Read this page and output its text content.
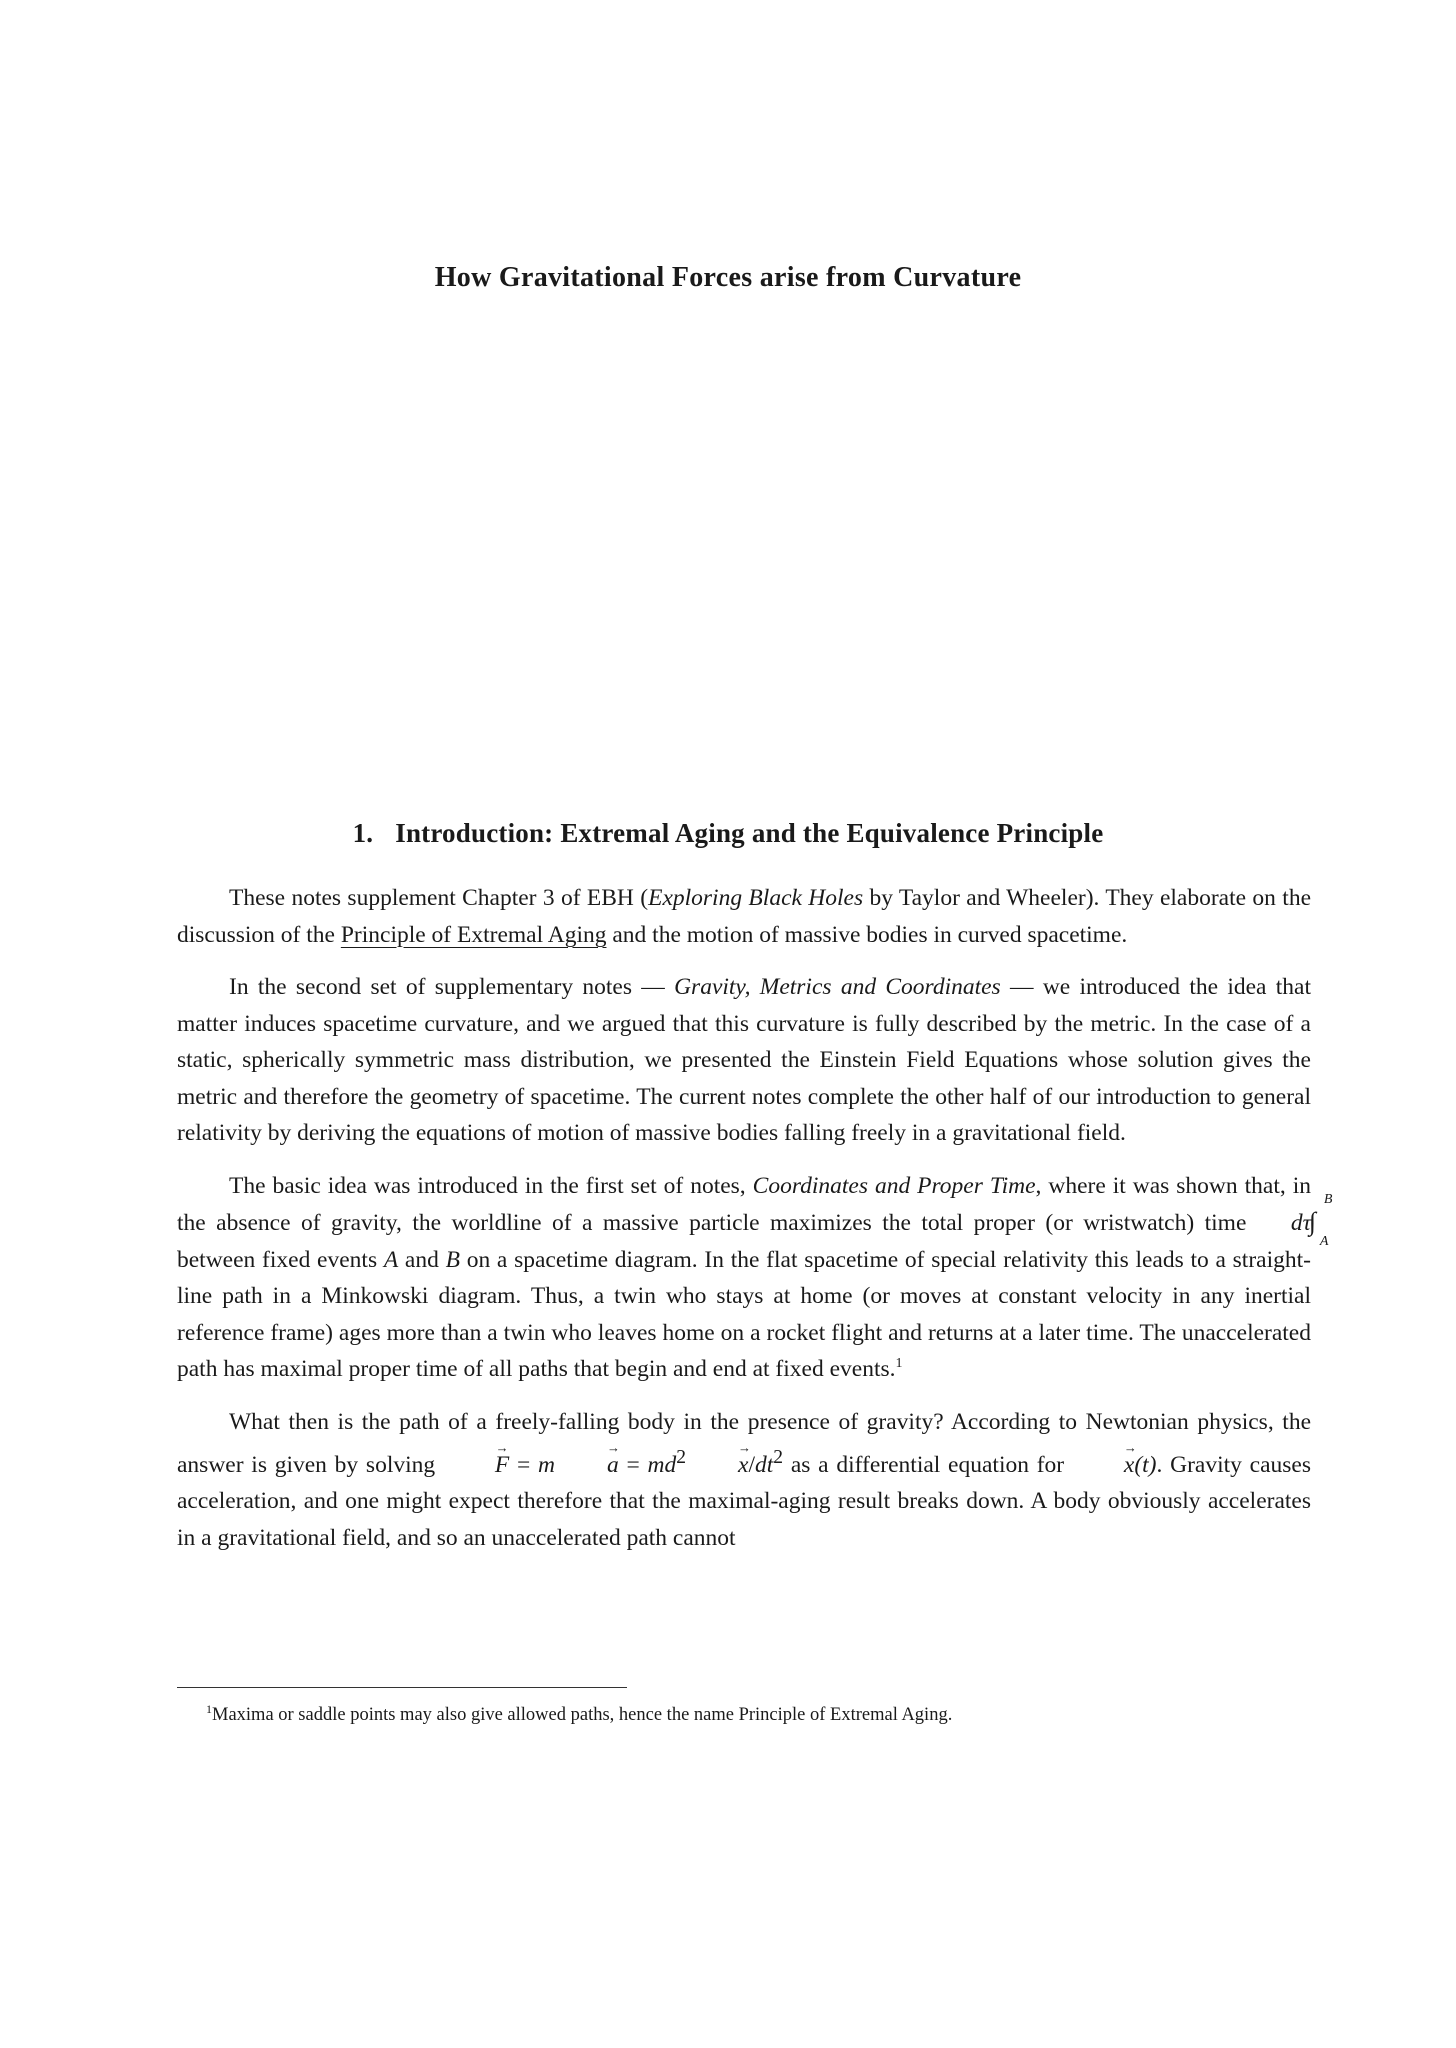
How Gravitational Forces arise from Curvature
1. Introduction: Extremal Aging and the Equivalence Principle

These notes supplement Chapter 3 of EBH (Exploring Black Holes by Taylor and Wheeler). They elaborate on the discussion of the Principle of Extremal Aging and the motion of massive bodies in curved spacetime.

In the second set of supplementary notes — Gravity, Metrics and Coordinates — we introduced the idea that matter induces spacetime curvature, and we argued that this curvature is fully described by the metric. In the case of a static, spherically symmetric mass distribution, we presented the Einstein Field Equations whose solution gives the metric and therefore the geometry of spacetime. The current notes complete the other half of our introduction to general relativity by deriving the equations of motion of massive bodies falling freely in a gravitational field.

The basic idea was introduced in the first set of notes, Coordinates and Proper Time, where it was shown that, in the absence of gravity, the worldline of a massive particle maximizes the total proper (or wristwatch) time ∫
B
A
dτ between fixed events A and B on a spacetime diagram. In the flat spacetime of special relativity this leads to a straight-line path in a Minkowski diagram. Thus, a twin who stays at home (or moves at constant velocity in any inertial reference frame) ages more than a twin who leaves home on a rocket flight and returns at a later time. The unaccelerated path has maximal proper time of all paths that begin and end at fixed events.$^1$

What then is the path of a freely-falling body in the presence of gravity? According to Newtonian physics, the answer is given by solving → $F = m \to a = md^2 \to x/dt^2$ as a differential equation for → x(t). Gravity causes acceleration, and one might expect therefore that the maximal-aging result breaks down. A body obviously accelerates in a gravitational field, and so an unaccelerated path cannot

$^1$Maxima or saddle points may also give allowed paths, hence the name Principle of Extremal Aging.
